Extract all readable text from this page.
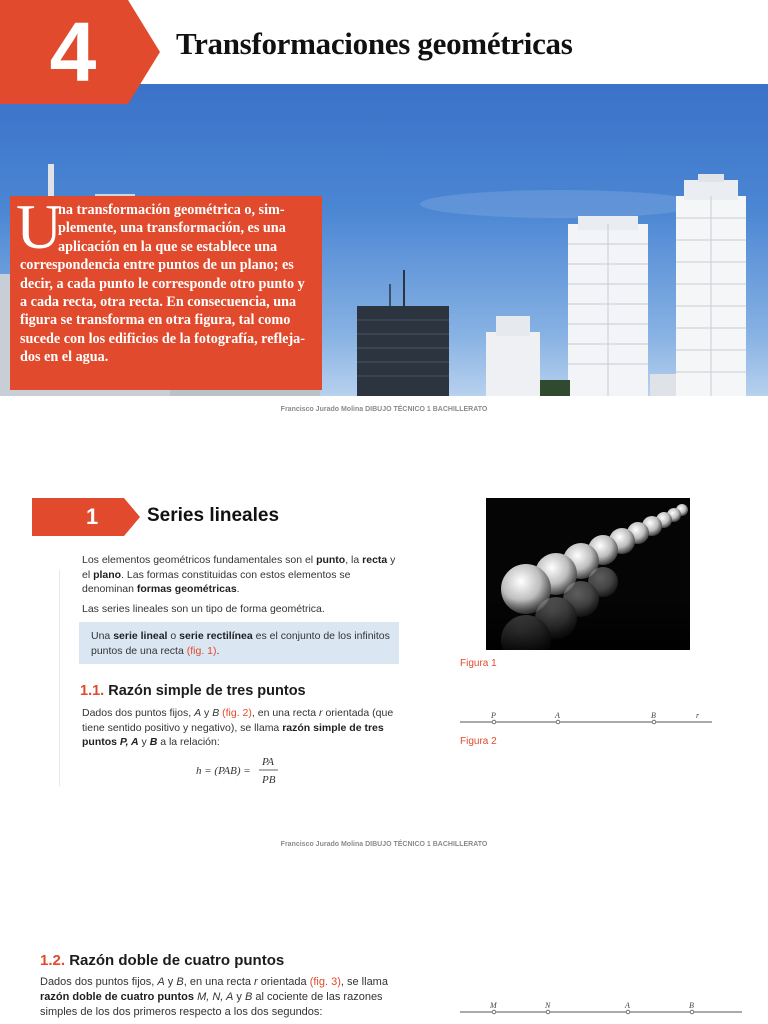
4	Transformaciones geométricas
U
na transformación geométrica o, sim-
plemente, una transformación, es una
aplicación en la que se establece una
correspondencia entre puntos de un plano; es
decir, a cada punto le corresponde otro punto y
a cada recta, otra recta. En consecuencia, una
figura se transforma en otra figura, tal como
sucede con los edificios de la fotografía, refleja-
dos en el agua.
Francisco Jurado Molina DIBUJO TÉCNICO 1 BACHILLERATO
1	Series lineales
Los elementos geométricos fundamentales son el punto, la recta y el plano. Las formas constituidas con estos elementos se denominan formas geométricas.
Las series lineales son un tipo de forma geométrica.
Una serie lineal o serie rectilínea es el conjunto de los infinitos puntos de una recta (fig. 1).
1.1. Razón simple de tres puntos
Dados dos puntos fijos, A y B (fig. 2), en una recta r orientada (que tiene sentido positivo y negativo), se llama razón simple de tres puntos P, A y B a la relación:
h = (PAB) =
PA
PB
Figura 1
P	A	B	r
Figura 2
Francisco Jurado Molina DIBUJO TÉCNICO 1 BACHILLERATO
1.2. Razón doble de cuatro puntos
Dados dos puntos fijos, A y B, en una recta r orientada (fig. 3), se llama razón doble de cuatro puntos M, N, A y B al cociente de las razones simples de los dos primeros respecto a los dos segundos:
M	N	A	B
